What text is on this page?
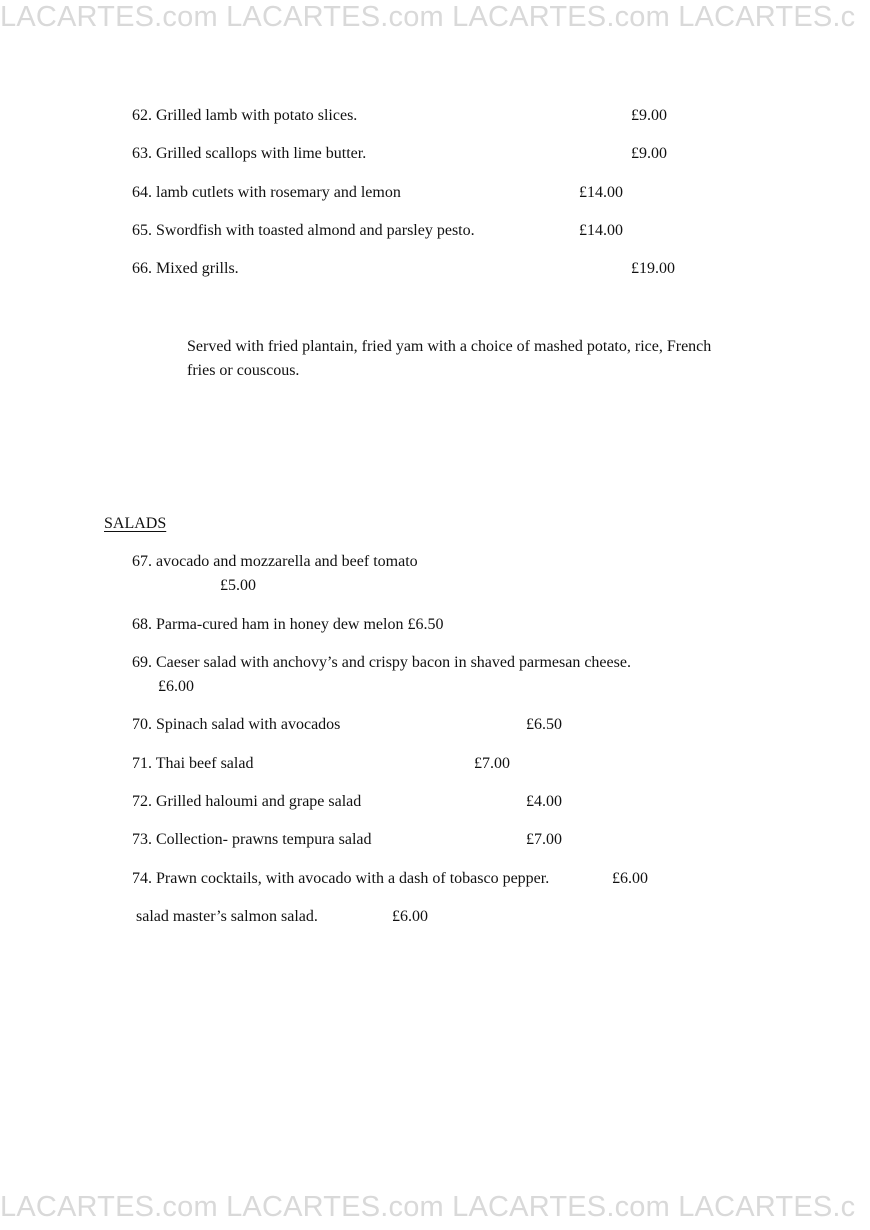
LACARTES.com LACARTES.com LACARTES.com LACARTES.c
62. Grilled lamb with potato slices.	£9.00
63. Grilled scallops with lime butter.	£9.00
64. lamb cutlets with rosemary and lemon	£14.00
65. Swordfish with toasted almond and parsley pesto.	£14.00
66. Mixed grills.	£19.00
Served with fried plantain, fried yam with a choice of mashed potato, rice, French
fries or couscous.
SALADS
67. avocado and mozzarella and beef tomato
£5.00
68. Parma-cured ham in honey dew melon £6.50
69. Caeser salad with anchovy’s and crispy bacon in shaved parmesan cheese.
£6.00
70. Spinach salad with avocados	£6.50
71. Thai beef salad	£7.00
72. Grilled haloumi and grape salad	£4.00
73. Collection- prawns tempura salad	£7.00
74. Prawn cocktails, with avocado with a dash of tobasco pepper.	£6.00
salad master’s salmon salad.	£6.00
LACARTES.com LACARTES.com LACARTES.com LACARTES.c
